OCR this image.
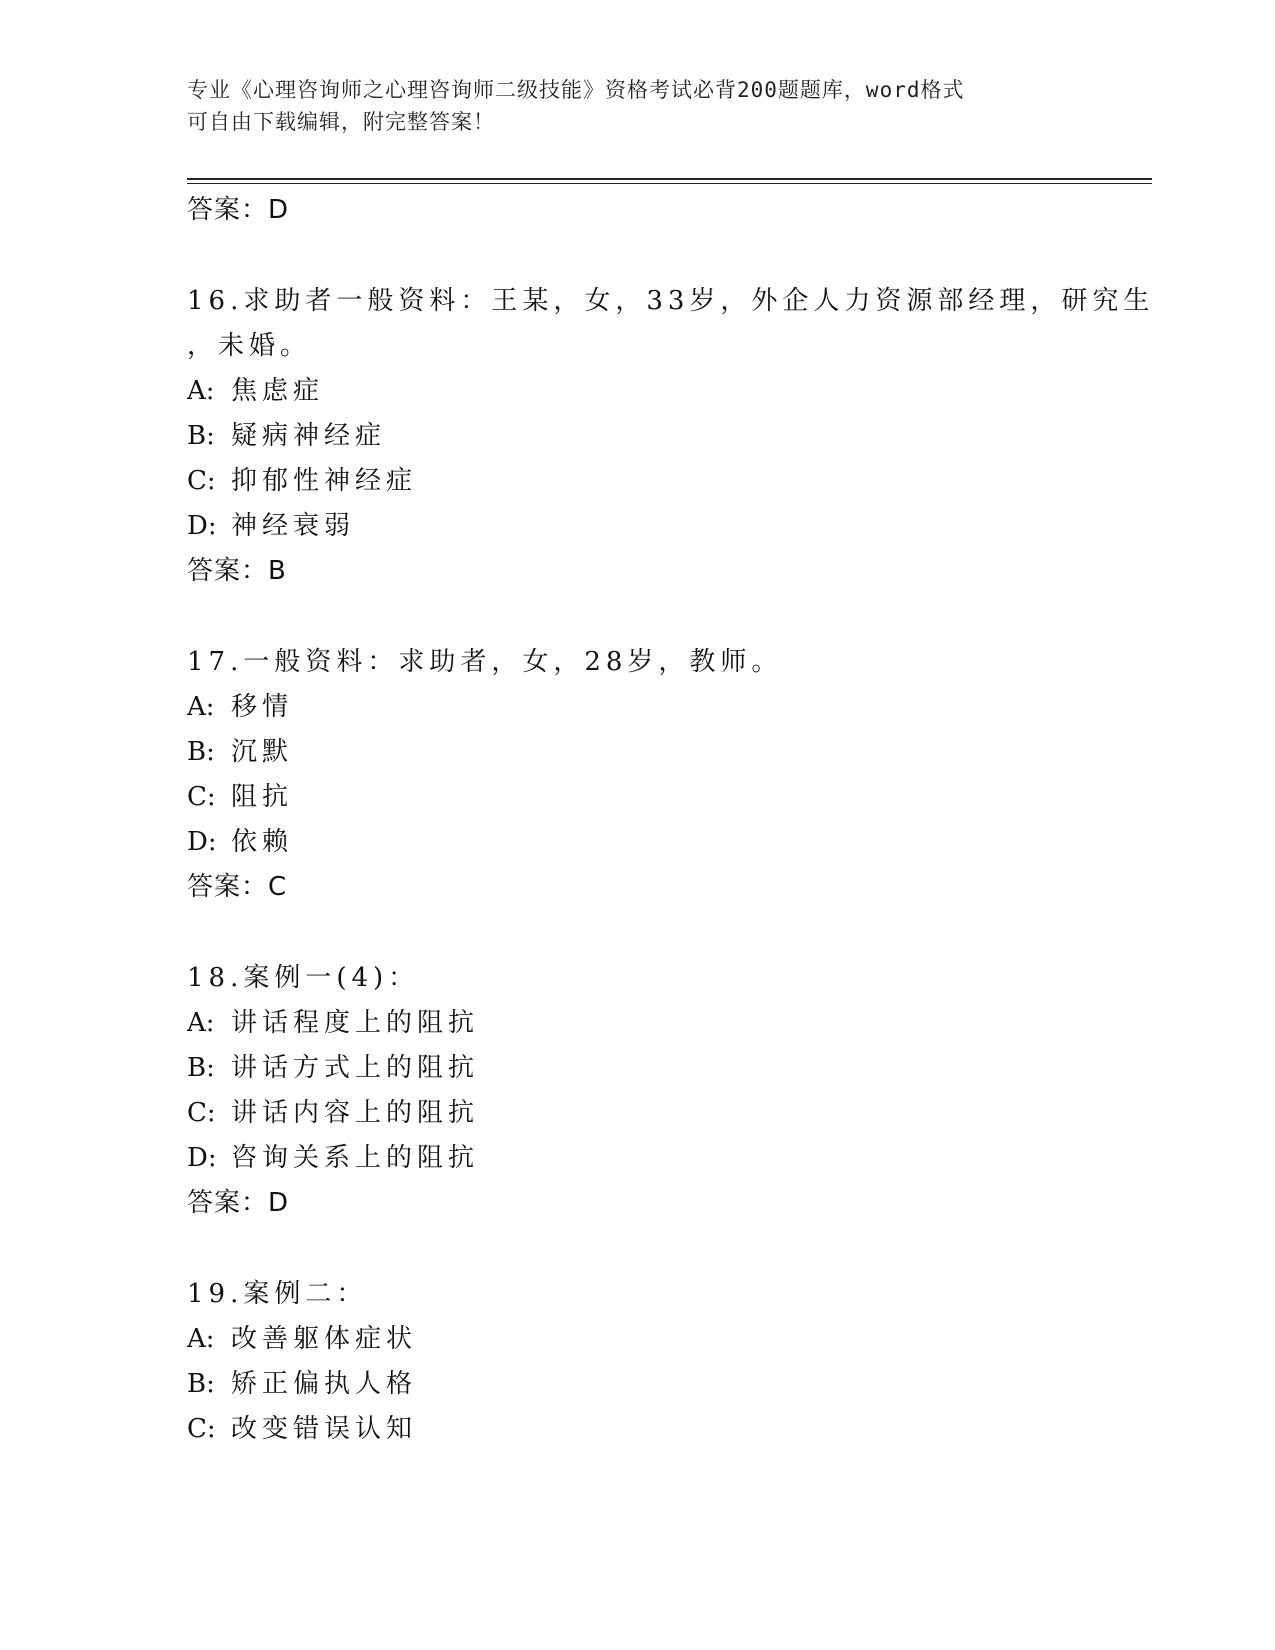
专业《心理咨询师之心理咨询师二级技能》资格考试必背200题题库，word格式
可自由下载编辑，附完整答案！
答案：D
16.求助者一般资料：王某，女，33岁，外企人力资源部经理，研究生
，未婚。
A: 焦虑症
B: 疑病神经症
C: 抑郁性神经症
D: 神经衰弱
答案：B
17.一般资料：求助者，女，28岁，教师。
A: 移情
B: 沉默
C: 阻抗
D: 依赖
答案：C
18.案例一(4)：
A: 讲话程度上的阻抗
B: 讲话方式上的阻抗
C: 讲话内容上的阻抗
D: 咨询关系上的阻抗
答案：D
19.案例二：
A: 改善躯体症状
B: 矫正偏执人格
C: 改变错误认知
